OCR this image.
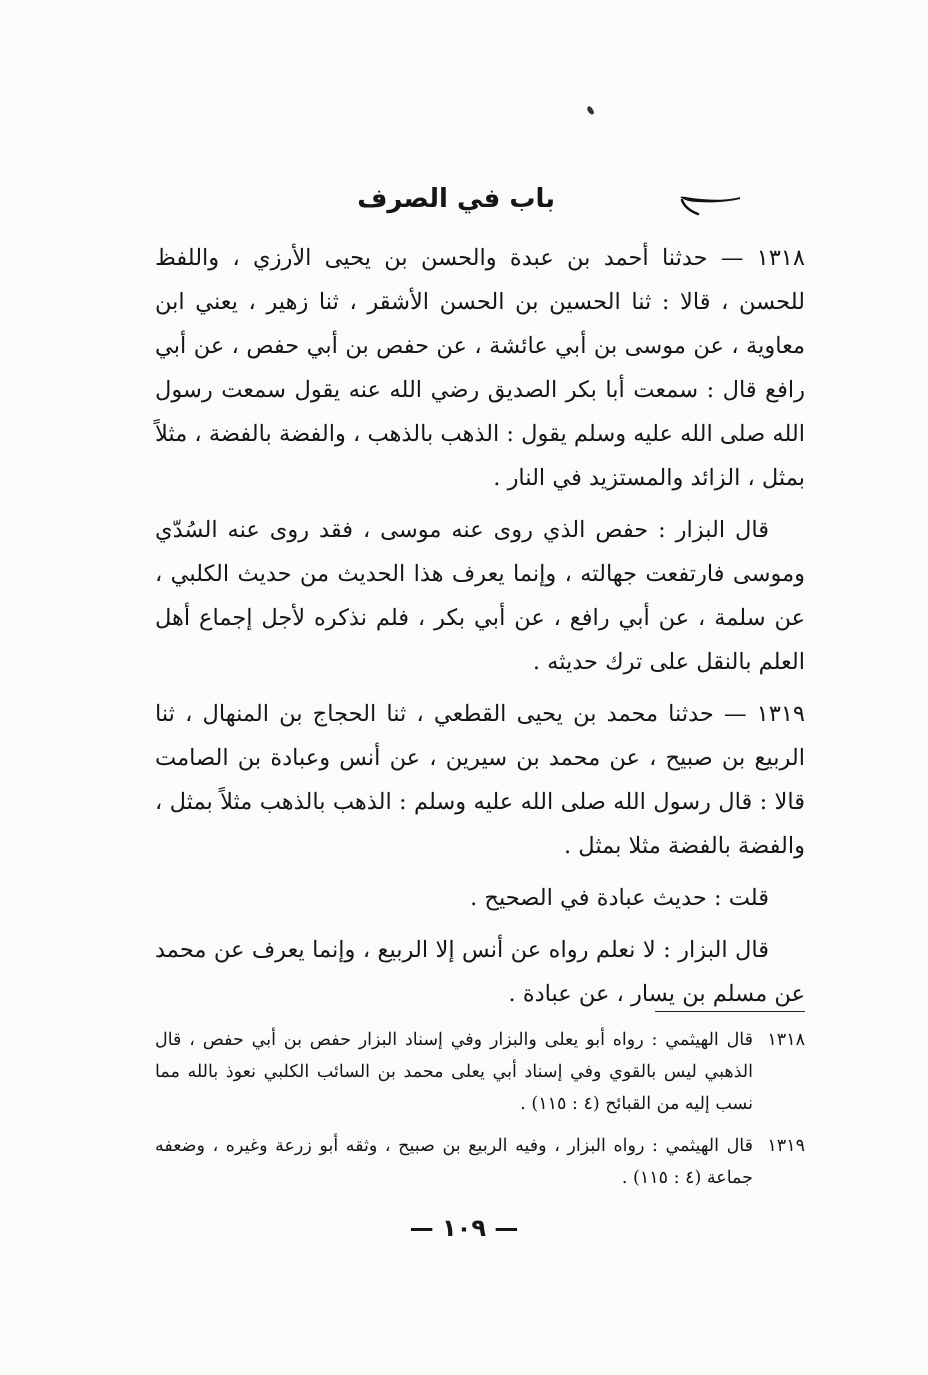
باب في الصرف

١٣١٨ — حدثنا أحمد بن عبدة والحسن بن يحيى الأرزي ، واللفظ للحسن ، قالا : ثنا الحسين بن الحسن الأشقر ، ثنا زهير ، يعني ابن معاوية ، عن موسى بن أبي عائشة ، عن حفص بن أبي حفص ، عن أبي رافع قال : سمعت أبا بكر الصديق رضي الله عنه يقول سمعت رسول الله صلى الله عليه وسلم يقول : الذهب بالذهب ، والفضة بالفضة ، مثلاً بمثل ، الزائد والمستزيد في النار .

قال البزار : حفص الذي روى عنه موسى ، فقد روى عنه السُدّي وموسى فارتفعت جهالته ، وإنما يعرف هذا الحديث من حديث الكلبي ، عن سلمة ، عن أبي رافع ، عن أبي بكر ، فلم نذكره لأجل إجماع أهل العلم بالنقل على ترك حديثه .

١٣١٩ — حدثنا محمد بن يحيى القطعي ، ثنا الحجاج بن المنهال ، ثنا الربيع بن صبيح ، عن محمد بن سيرين ، عن أنس وعبادة بن الصامت قالا : قال رسول الله صلى الله عليه وسلم : الذهب بالذهب مثلاً بمثل ، والفضة بالفضة مثلا بمثل .

قلت : حديث عبادة في الصحيح .

قال البزار : لا نعلم رواه عن أنس إلا الربيع ، وإنما يعرف عن محمد عن مسلم بن يسار ، عن عبادة .

١٣١٨
قال الهيثمي : رواه أبو يعلى والبزار وفي إسناد البزار حفص بن أبي حفص ، قال الذهبي ليس بالقوي وفي إسناد أبي يعلى محمد بن السائب الكلبي نعوذ بالله مما نسب إليه من القبائح (٤ : ١١٥) .
١٣١٩
قال الهيثمي : رواه البزار ، وفيه الربيع بن صبيح ، وثقه أبو زرعة وغيره ، وضعفه جماعة (٤ : ١١٥) .
— ١٠٩ —
